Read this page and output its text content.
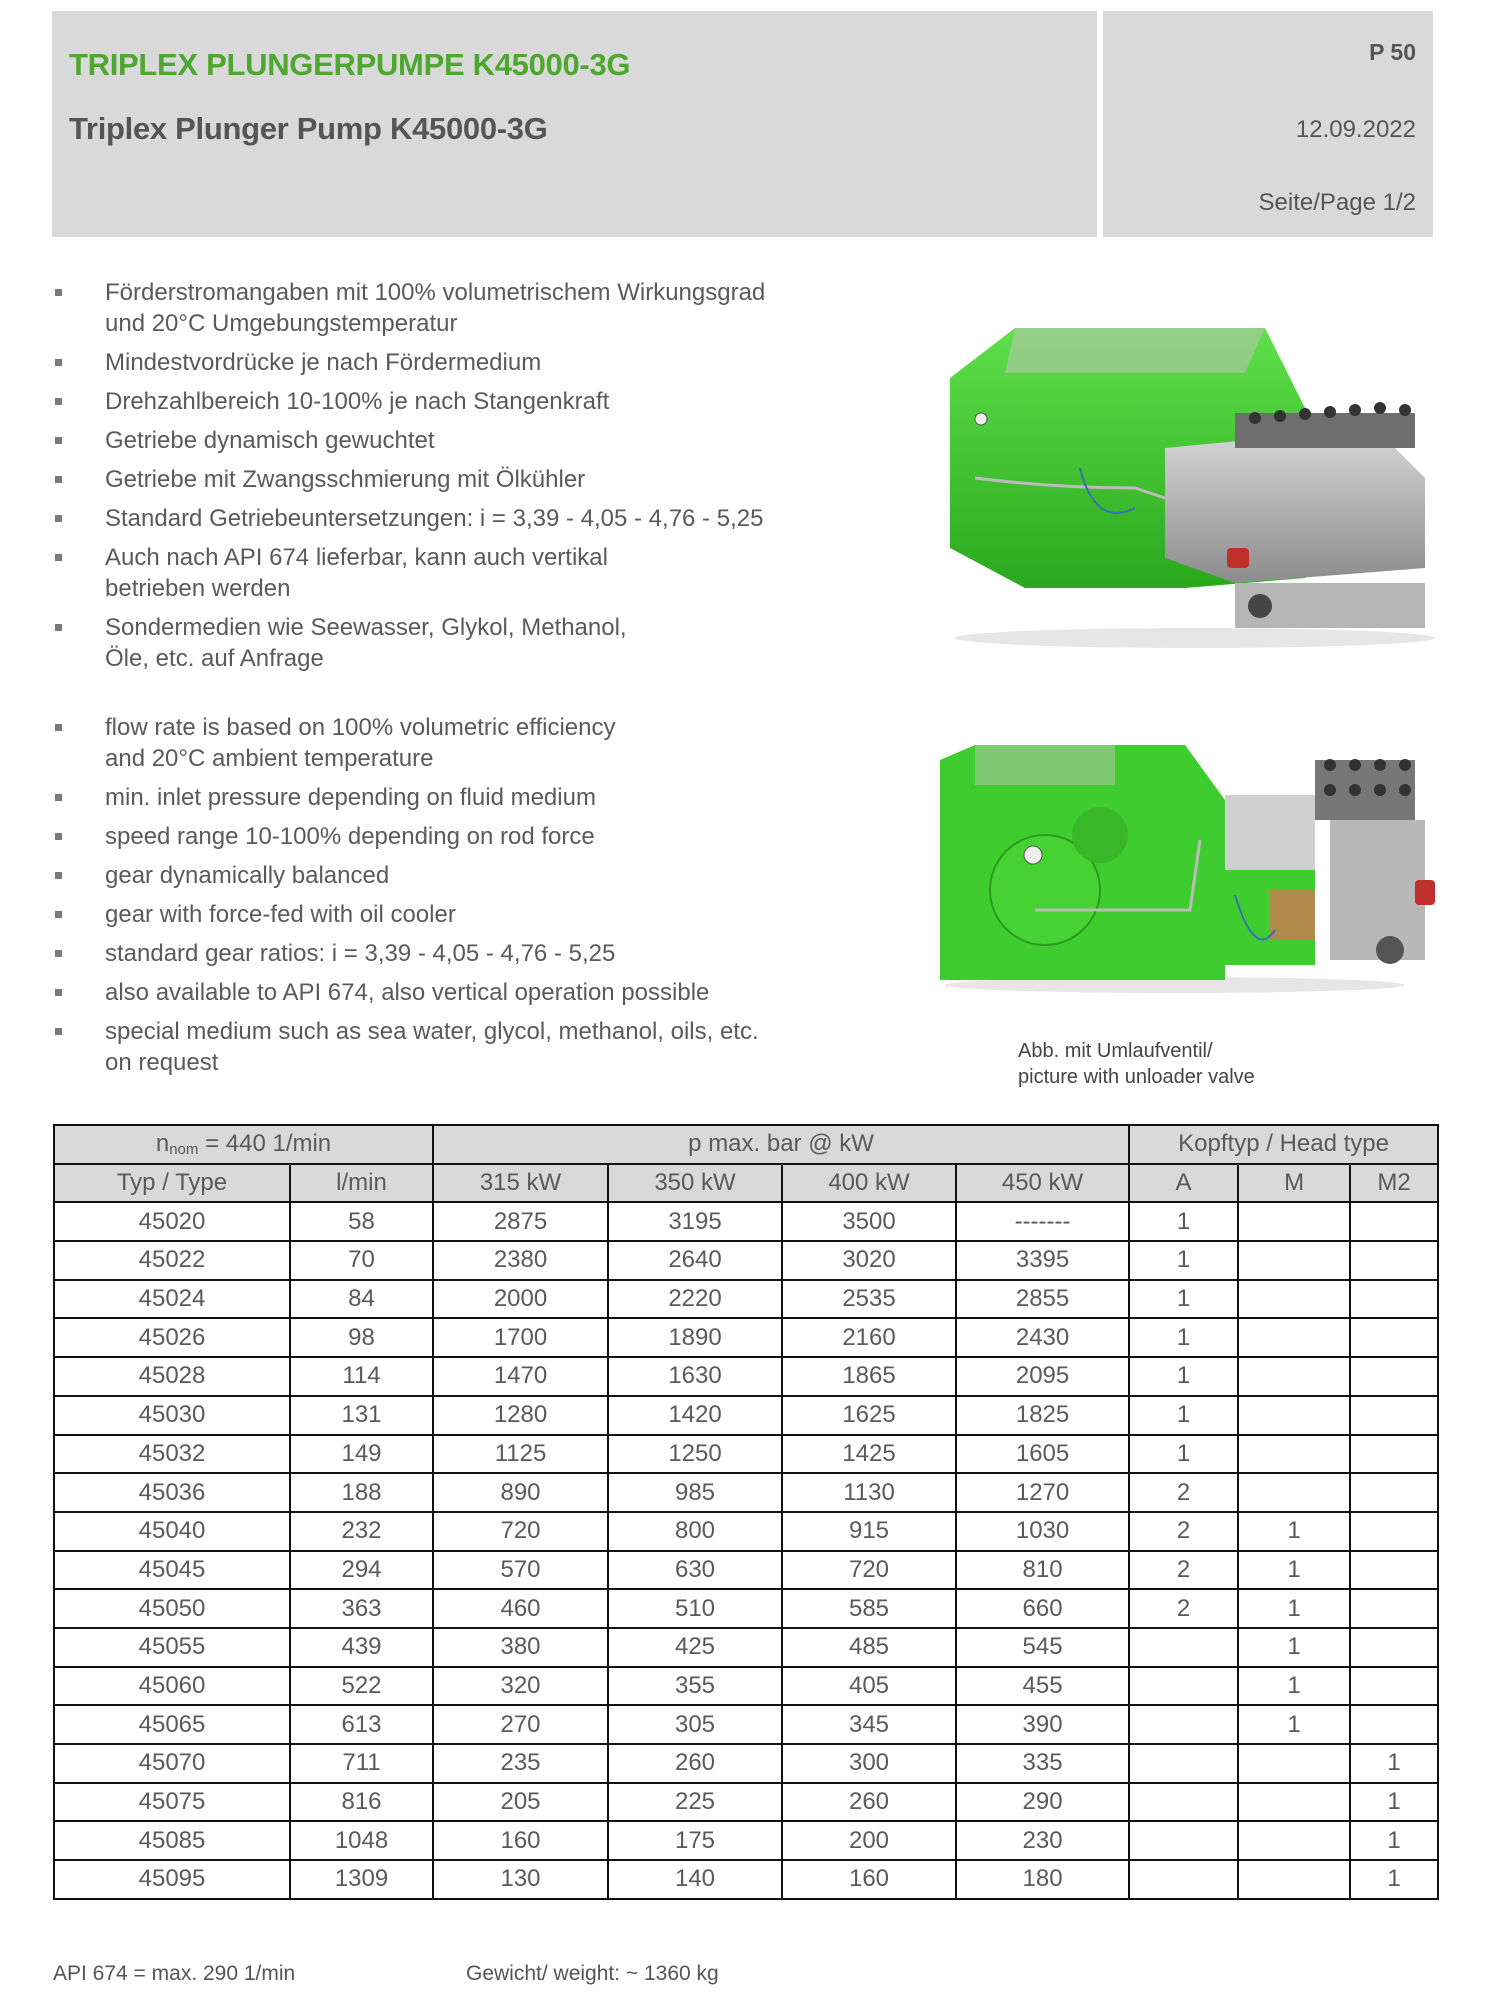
TRIPLEX PLUNGERPUMPE K45000-3G
Triplex Plunger Pump K45000-3G
P 50
12.09.2022
Seite/Page 1/2
Förderstromangaben mit 100% volumetrischem Wirkungsgrad
und 20°C Umgebungstemperatur
Mindestvordrücke je nach Fördermedium
Drehzahlbereich 10-100% je nach Stangenkraft
Getriebe dynamisch gewuchtet
Getriebe mit Zwangsschmierung mit Ölkühler
Standard Getriebeuntersetzungen: i = 3,39 - 4,05 - 4,76 - 5,25
Auch nach API 674 lieferbar, kann auch vertikal
betrieben werden
Sondermedien wie Seewasser, Glykol, Methanol,
Öle, etc. auf Anfrage
flow rate is based on 100% volumetric efficiency
and 20°C ambient temperature
min. inlet pressure depending on fluid medium
speed range 10-100% depending on rod force
gear dynamically balanced
gear with force-fed with oil cooler
standard gear ratios: i = 3,39 - 4,05 - 4,76 - 5,25
also available to API 674, also vertical operation possible
special medium such as sea water, glycol, methanol, oils, etc.
on request	Abb. mit Umlaufventil/
picture with unloader valve
$n_{nom} = 440$ 1/min		p max. bar @ kW				Kopftyp / Head type		
Typ / Type	l/min	315 kW	350 kW	400 kW	450 kW	A	M	M2
45020	58	2875	3195	3500	-------	1		
45022	70	2380	2640	3020	3395	1		
45024	84	2000	2220	2535	2855	1		
45026	98	1700	1890	2160	2430	1		
45028	114	1470	1630	1865	2095	1		
45030	131	1280	1420	1625	1825	1		
45032	149	1125	1250	1425	1605	1		
45036	188	890	985	1130	1270	2		
45040	232	720	800	915	1030	2	1	
45045	294	570	630	720	810	2	1	
45050	363	460	510	585	660	2	1	
45055	439	380	425	485	545		1	
45060	522	320	355	405	455		1	
45065	613	270	305	345	390		1	
45070	711	235	260	300	335			1
45075	816	205	225	260	290			1
45085	1048	160	175	200	230			1
45095	1309	130	140	160	180			1
API 674 = max. 290 1/min	Gewicht/ weight: ~ 1360 kg
